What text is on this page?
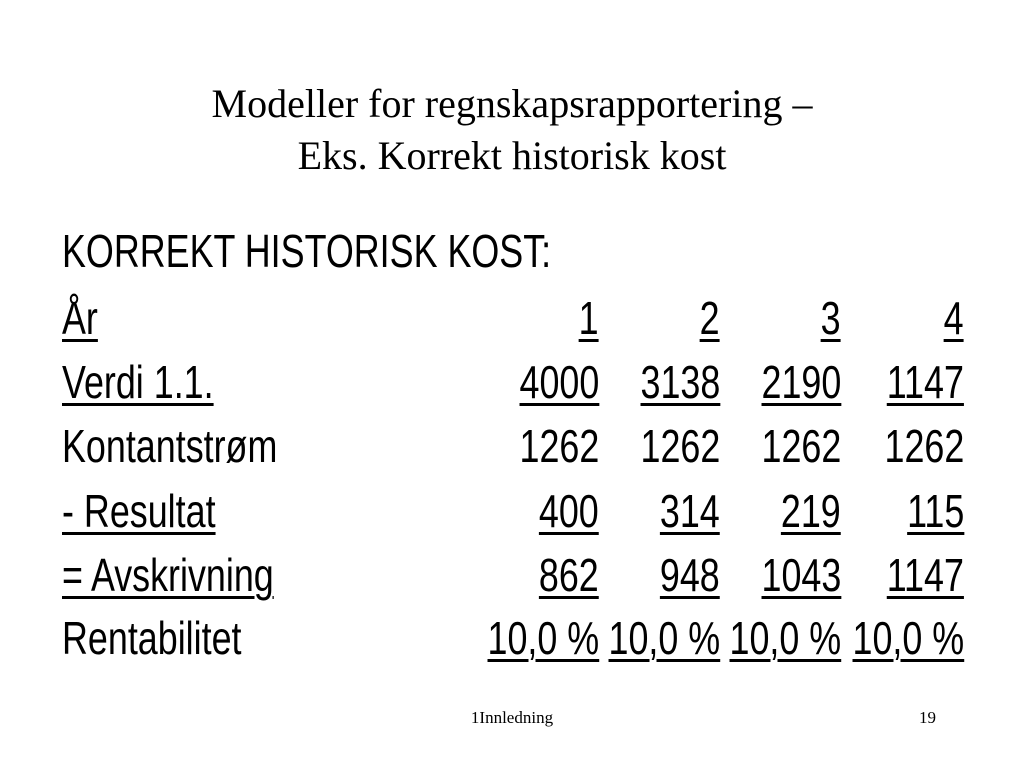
Modeller for regnskapsrapportering –
Eks. Korrekt historisk kost
KORREKT HISTORISK KOST:
År	1 2 3 4
Verdi 1.1.	4000 3138 2190 1147
Kontantstrøm	1262 1262 1262 1262
- Resultat	400 314 219 115
= Avskrivning	862 948 1043 1147
Rentabilitet	10,0 % 10,0 % 10,0 % 10,0 %
1Innledning	19
